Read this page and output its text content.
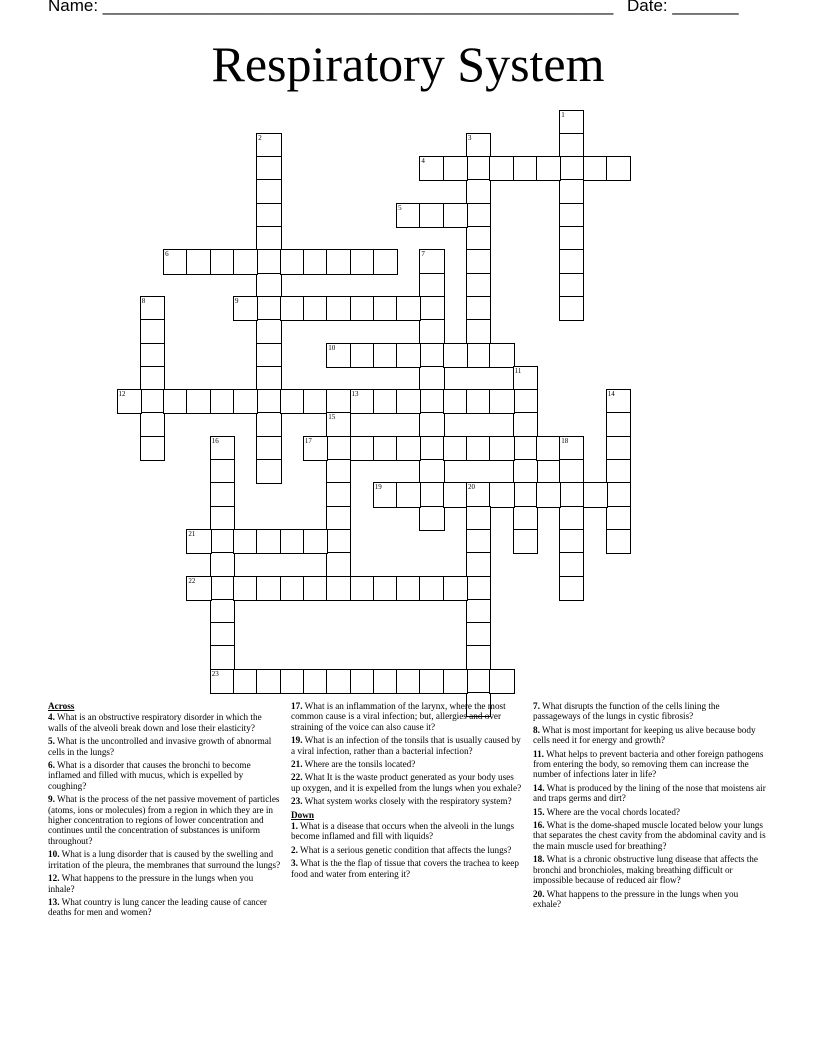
Name: ______________________________________________________ Date: _______
Respiratory System
1
2	3
4
5
6	7
8	9
10
11
12	13	14
15
16	17	18
19	20
21
22
23
Across
4. What is an obstructive respiratory disorder in which the walls of the alveoli break down and lose their elasticity?
5. What is the uncontrolled and invasive growth of abnormal cells in the lungs?
6. What is a disorder that causes the bronchi to become inflamed and filled with mucus, which is expelled by coughing?
9. What is the process of the net passive movement of particles (atoms, ions or molecules) from a region in which they are in higher concentration to regions of lower concentration and continues until the concentration of substances is uniform throughout?
10. What is a lung disorder that is caused by the swelling and irritation of the pleura, the membranes that surround the lungs?
12. What happens to the pressure in the lungs when you inhale?
13. What country is lung cancer the leading cause of cancer deaths for men and women?
17. What is an inflammation of the larynx, where the most common cause is a viral infection; but, allergies and over straining of the voice can also cause it?
19. What is an infection of the tonsils that is usually caused by a viral infection, rather than a bacterial infection?
21. Where are the tonsils located?
22. What It is the waste product generated as your body uses up oxygen, and it is expelled from the lungs when you exhale?
23. What system works closely with the respiratory system?
Down
1. What is a disease that occurs when the alveoli in the lungs become inflamed and fill with liquids?
2. What is a serious genetic condition that affects the lungs?
3. What is the the flap of tissue that covers the trachea to keep food and water from entering it?
7. What disrupts the function of the cells lining the passageways of the lungs in cystic fibrosis?
8. What is most important for keeping us alive because body cells need it for energy and growth?
11. What helps to prevent bacteria and other foreign pathogens from entering the body, so removing them can increase the number of infections later in life?
14. What is produced by the lining of the nose that moistens air and traps germs and dirt?
15. Where are the vocal chords located?
16. What is the dome-shaped muscle located below your lungs that separates the chest cavity from the abdominal cavity and is the main muscle used for breathing?
18. What is a chronic obstructive lung disease that affects the bronchi and bronchioles, making breathing difficult or impossible because of reduced air flow?
20. What happens to the pressure in the lungs when you exhale?
